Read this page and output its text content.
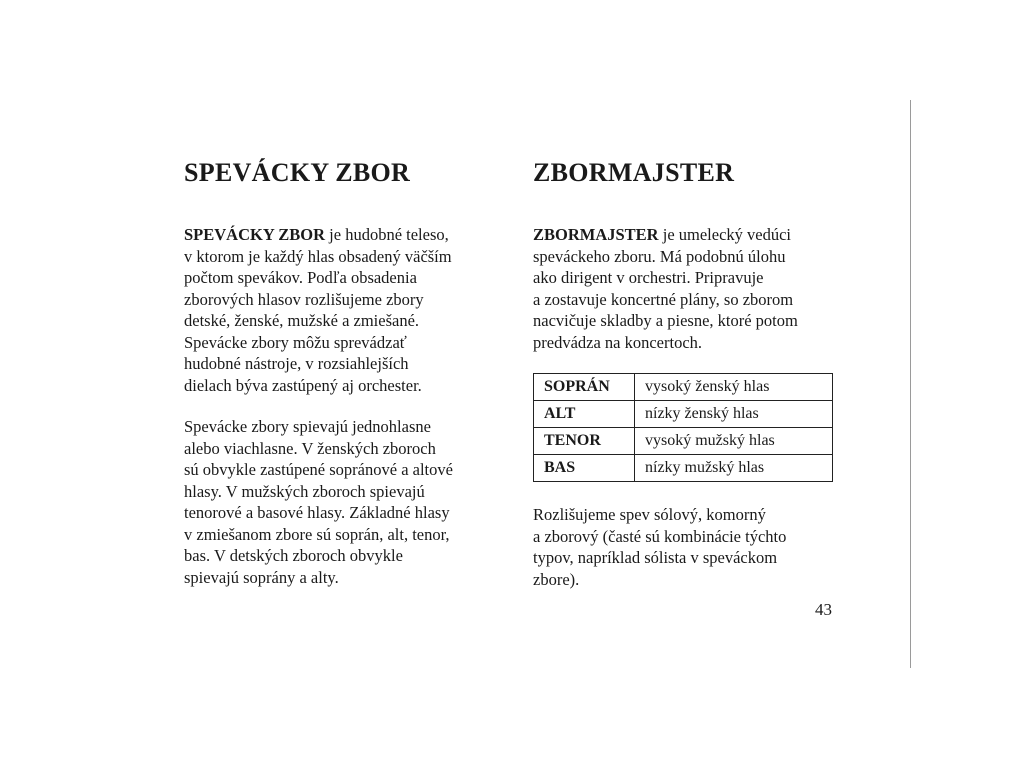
SPEVÁCKY ZBOR

SPEVÁCKY ZBOR je hudobné teleso,
v ktorom je každý hlas obsadený väčším
počtom spevákov. Podľa obsadenia
zborových hlasov rozlišujeme zbory
detské, ženské, mužské a zmiešané.
Spevácke zbory môžu sprevádzať
hudobné nástroje, v rozsiahlejších
dielach býva zastúpený aj orchester.

Spevácke zbory spievajú jednohlasne
alebo viachlasne. V ženských zboroch
sú obvykle zastúpené sopránové a altové
hlasy. V mužských zboroch spievajú
tenorové a basové hlasy. Základné hlasy
v zmiešanom zbore sú soprán, alt, tenor,
bas. V detských zboroch obvykle
spievajú soprány a alty.

ZBORMAJSTER

ZBORMAJSTER je umelecký vedúci
speváckeho zboru. Má podobnú úlohu
ako dirigent v orchestri. Pripravuje
a zostavuje koncertné plány, so zborom
nacvičuje skladby a piesne, ktoré potom
predvádza na koncertoch.

SOPRÁN	vysoký ženský hlas
ALT	nízky ženský hlas
TENOR	vysoký mužský hlas
BAS	nízky mužský hlas

Rozlišujeme spev sólový, komorný
a zborový (časté sú kombinácie týchto
typov, napríklad sólista v speváckom
zbore).

43
